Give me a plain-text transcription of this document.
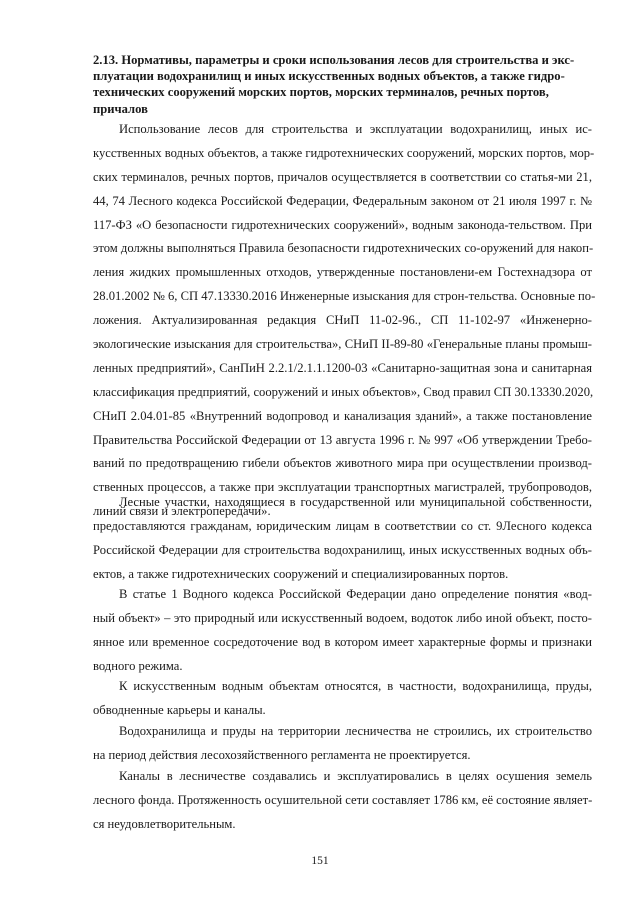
2.13. Нормативы, параметры и сроки использования лесов для строительства и экс-
плуатации водохранилищ и иных искусственных водных объектов, а также гидро-
технических сооружений морских портов, морских терминалов, речных портов,
причалов
Использование лесов для строительства и эксплуатации водохранилищ, иных ис-
кусственных водных объектов, а также гидротехнических сооружений, морских портов, мор-
ских терминалов, речных портов, причалов осуществляется в соответствии со статья-ми 21,
44, 74 Лесного кодекса Российской Федерации, Федеральным законом от 21 июля 1997 г. №
117-ФЗ «О безопасности гидротехнических сооружений», водным законода-тельством. При
этом должны выполняться Правила безопасности гидротехнических со-оружений для накоп-
ления жидких промышленных отходов, утвержденные постановлени-ем Гостехнадзора от
28.01.2002 № 6, СП 47.13330.2016 Инженерные изыскания для строн-тельства. Основные по-
ложения. Актуализированная редакция СНиП 11-02-96., СП 11-102-97 «Инженерно-
экологические изыскания для строительства», СНиП II-89-80 «Генеральные планы промыш-
ленных предприятий», СанПиН 2.2.1/2.1.1.1200-03 «Санитарно-защитная зона и санитарная
классификация предприятий, сооружений и иных объектов», Свод правил СП 30.13330.2020,
СНиП 2.04.01-85 «Внутренний водопровод и канализация зданий», а также постановление
Правительства Российской Федерации от 13 августа 1996 г. № 997 «Об утверждении Требо-
ваний по предотвращению гибели объектов животного мира при осуществлении производ-
ственных процессов, а также при эксплуатации транспортных магистралей, трубопроводов,
линий связи и электропередачи».
Лесные участки, находящиеся в государственной или муниципальной собственности,
предоставляются гражданам, юридическим лицам в соответствии со ст. 9Лесного кодекса
Российской Федерации для строительства водохранилищ, иных искусственных водных объ-
ектов, а также гидротехнических сооружений и специализированных портов.
В статье 1 Водного кодекса Российской Федерации дано определение понятия «вод-
ный объект» – это природный или искусственный водоем, водоток либо иной объект, посто-
янное или временное сосредоточение вод в котором имеет характерные формы и признаки
водного режима.
К искусственным водным объектам относятся, в частности, водохранилища, пруды,
обводненные карьеры и каналы.
Водохранилища и пруды на территории лесничества не строились, их строительство
на период действия лесохозяйственного регламента не проектируется.
Каналы в лесничестве создавались и эксплуатировались в целях осушения земель
лесного фонда. Протяженность осушительной сети составляет 1786 км, её состояние являет-
ся неудовлетворительным.
151
